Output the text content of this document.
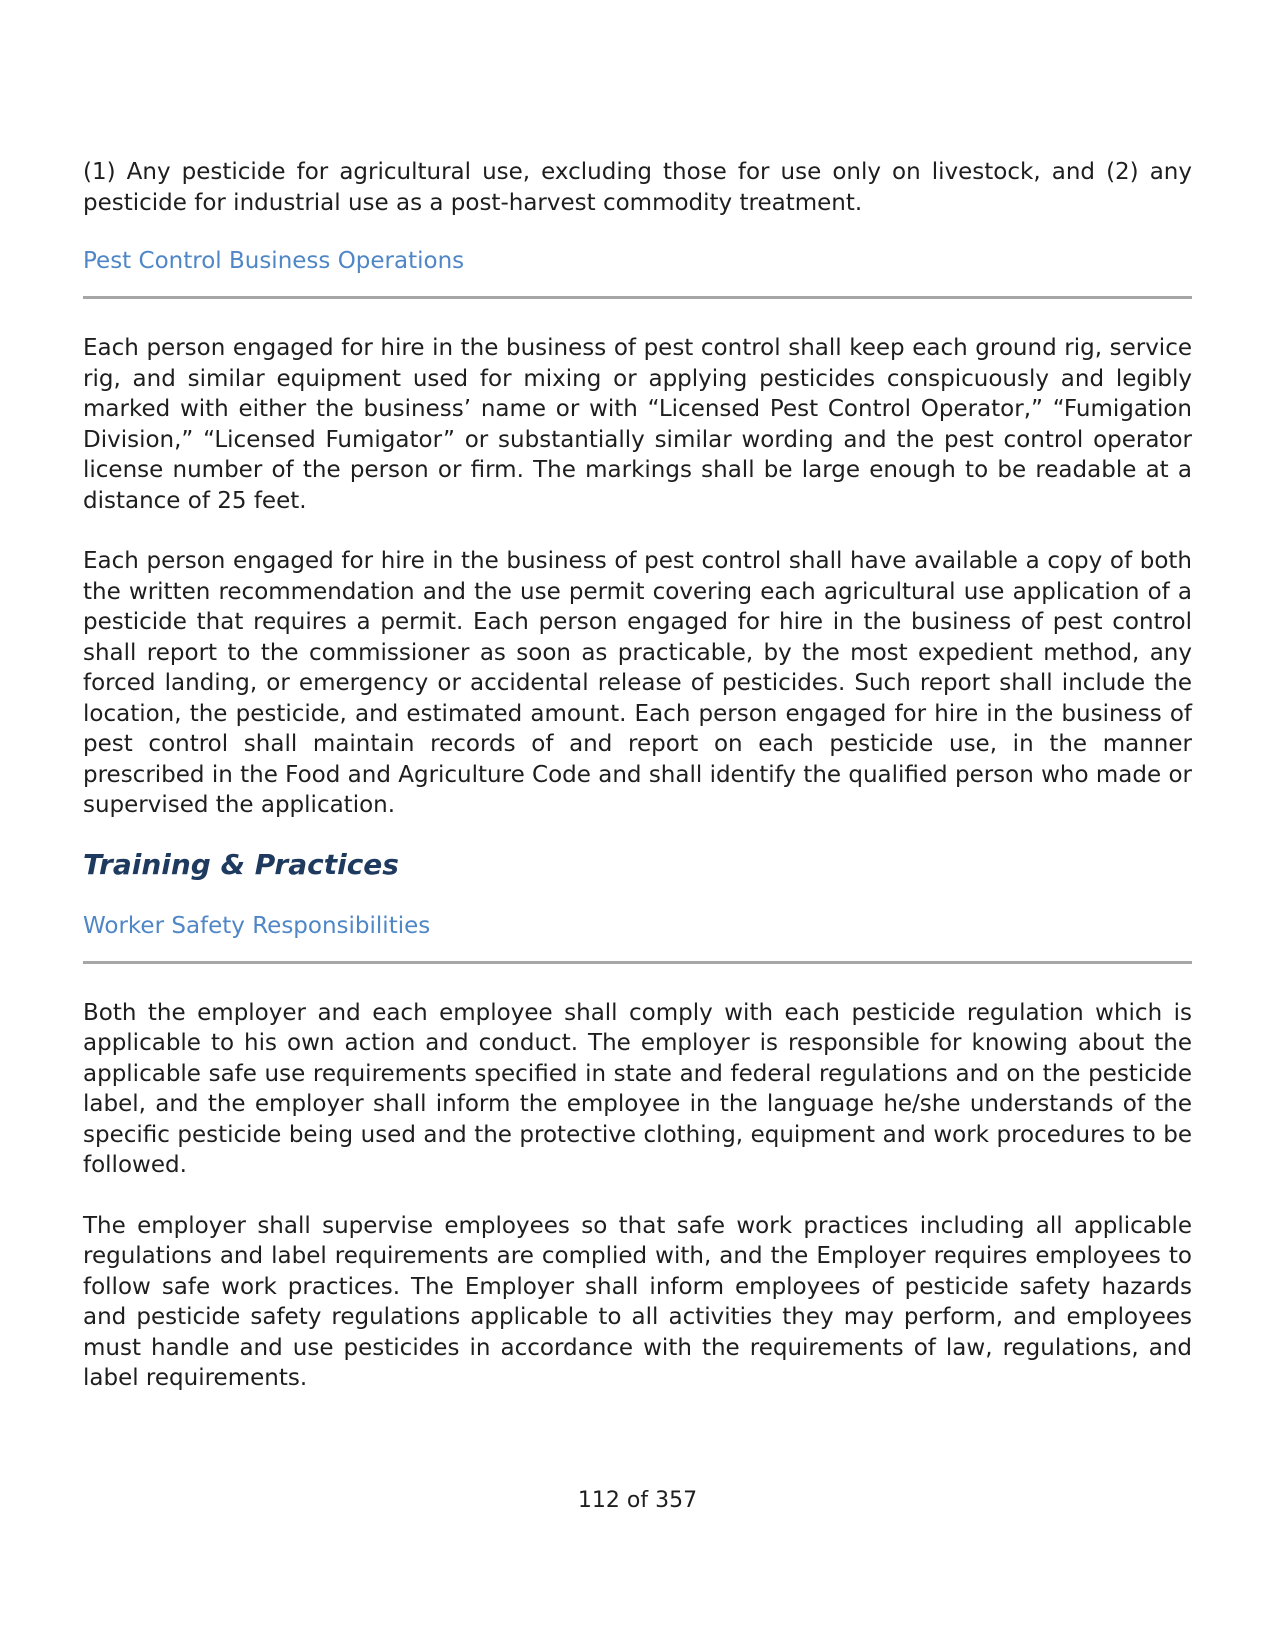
(1) Any pesticide for agricultural use, excluding those for use only on livestock, and (2) any pesticide for industrial use as a post-harvest commodity treatment.

Pest Control Business Operations

Each person engaged for hire in the business of pest control shall keep each ground rig, service rig, and similar equipment used for mixing or applying pesticides conspicuously and legibly marked with either the business’ name or with “Licensed Pest Control Operator,” “Fumigation Division,” “Licensed Fumigator” or substantially similar wording and the pest control operator license number of the person or firm. The markings shall be large enough to be readable at a distance of 25 feet.

Each person engaged for hire in the business of pest control shall have available a copy of both the written recommendation and the use permit covering each agricultural use application of a pesticide that requires a permit. Each person engaged for hire in the business of pest control shall report to the commissioner as soon as practicable, by the most expedient method, any forced landing, or emergency or accidental release of pesticides. Such report shall include the location, the pesticide, and estimated amount. Each person engaged for hire in the business of pest control shall maintain records of and report on each pesticide use, in the manner prescribed in the Food and Agriculture Code and shall identify the qualified person who made or supervised the application.

Training & Practices
Worker Safety Responsibilities

Both the employer and each employee shall comply with each pesticide regulation which is applicable to his own action and conduct. The employer is responsible for knowing about the applicable safe use requirements specified in state and federal regulations and on the pesticide label, and the employer shall inform the employee in the language he/she understands of the specific pesticide being used and the protective clothing, equipment and work procedures to be followed.

The employer shall supervise employees so that safe work practices including all applicable regulations and label requirements are complied with, and the Employer requires employees to follow safe work practices. The Employer shall inform employees of pesticide safety hazards and pesticide safety regulations applicable to all activities they may perform, and employees must handle and use pesticides in accordance with the requirements of law, regulations, and label requirements.

112 of 357
